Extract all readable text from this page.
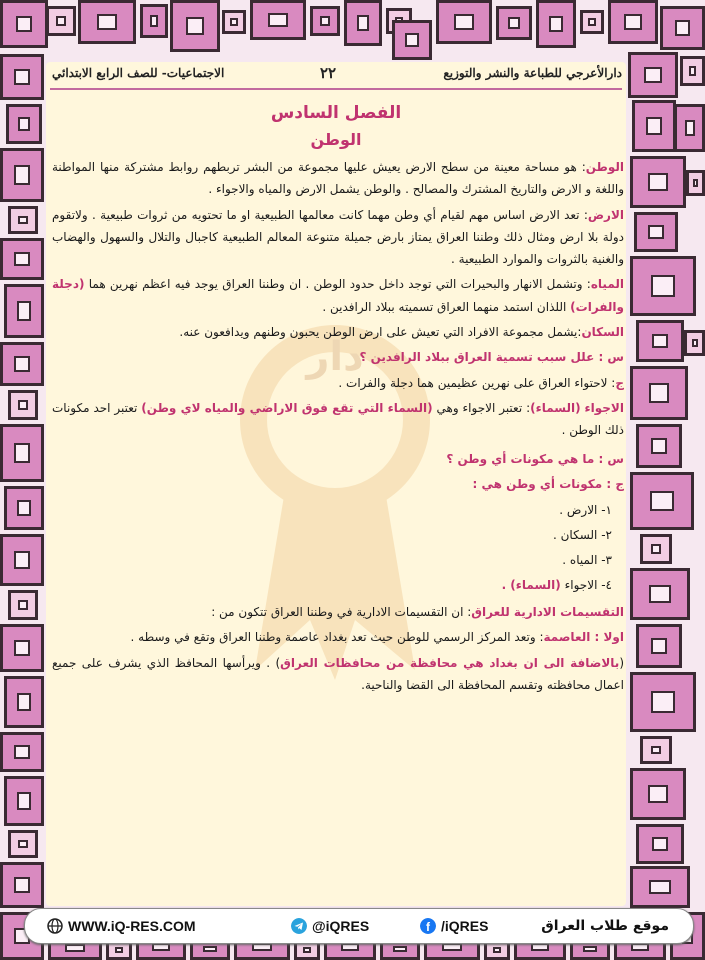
دار
دارالأعرجي للطباعة والنشر والتوزيع
٢٢
الاجتماعيات- للصف الرابع الابتدائي
الفصل السادس
الوطن

الوطن: هو مساحة معينة من سطح الارض يعيش عليها مجموعة من البشر تربطهم روابط مشتركة منها المواطنة واللغة و الارض والتاريخ المشترك والمصالح . والوطن يشمل الارض والمياه والاجواء .

الارض: تعد الارض اساس مهم لقيام أي وطن مهما كانت معالمها الطبيعية او ما تحتويه من ثروات طبيعية . ولاتقوم دولة بلا ارض ومثال ذلك وطننا العراق يمتاز بارض جميلة متنوعة المعالم الطبيعية كاجبال والتلال والسهول والهضاب والغنية بالثروات والموارد الطبيعية .

المياه: وتشمل الانهار والبحيرات التي توجد داخل حدود الوطن . ان وطننا العراق يوجد فيه اعظم نهرين هما (دجلة والفرات) اللذان استمد منهما العراق تسميته ببلاد الرافدين .

السكان:يشمل مجموعة الافراد التي تعيش على ارض الوطن يحبون وطنهم ويدافعون عنه.

س : علل سبب تسمية العراق ببلاد الرافدين ؟

ج: لاحتواء العراق على نهرين عظيمين هما دجلة والفرات .

الاجواء (السماء): تعتبر الاجواء وهي (السماء التي تقع فوق الاراضي والمياه لاي وطن) تعتبر احد مكونات ذلك الوطن .

س : ما هي مكونات أي وطن ؟

ج : مكونات أي وطن هي :

١- الارض .
٢- السكان .
٣- المياه .
٤- الاجواء (السماء) .

التقسيمات الادارية للعراق: ان التقسيمات الادارية في وطننا العراق تتكون من :

اولا : العاصمة: وتعد المركز الرسمي للوطن حيث تعد بغداد عاصمة وطننا العراق وتقع في وسطه .

(بالاضافة الى ان بغداد هي محافظة من محافظات العراق) . ويرأسها المحافظ الذي يشرف على جميع اعمال محافظته وتقسم المحافظة الى القضا والناحية.

WWW.iQ-RES.COM	@iQRES	f /iQRES	موقع طلاب العراق
